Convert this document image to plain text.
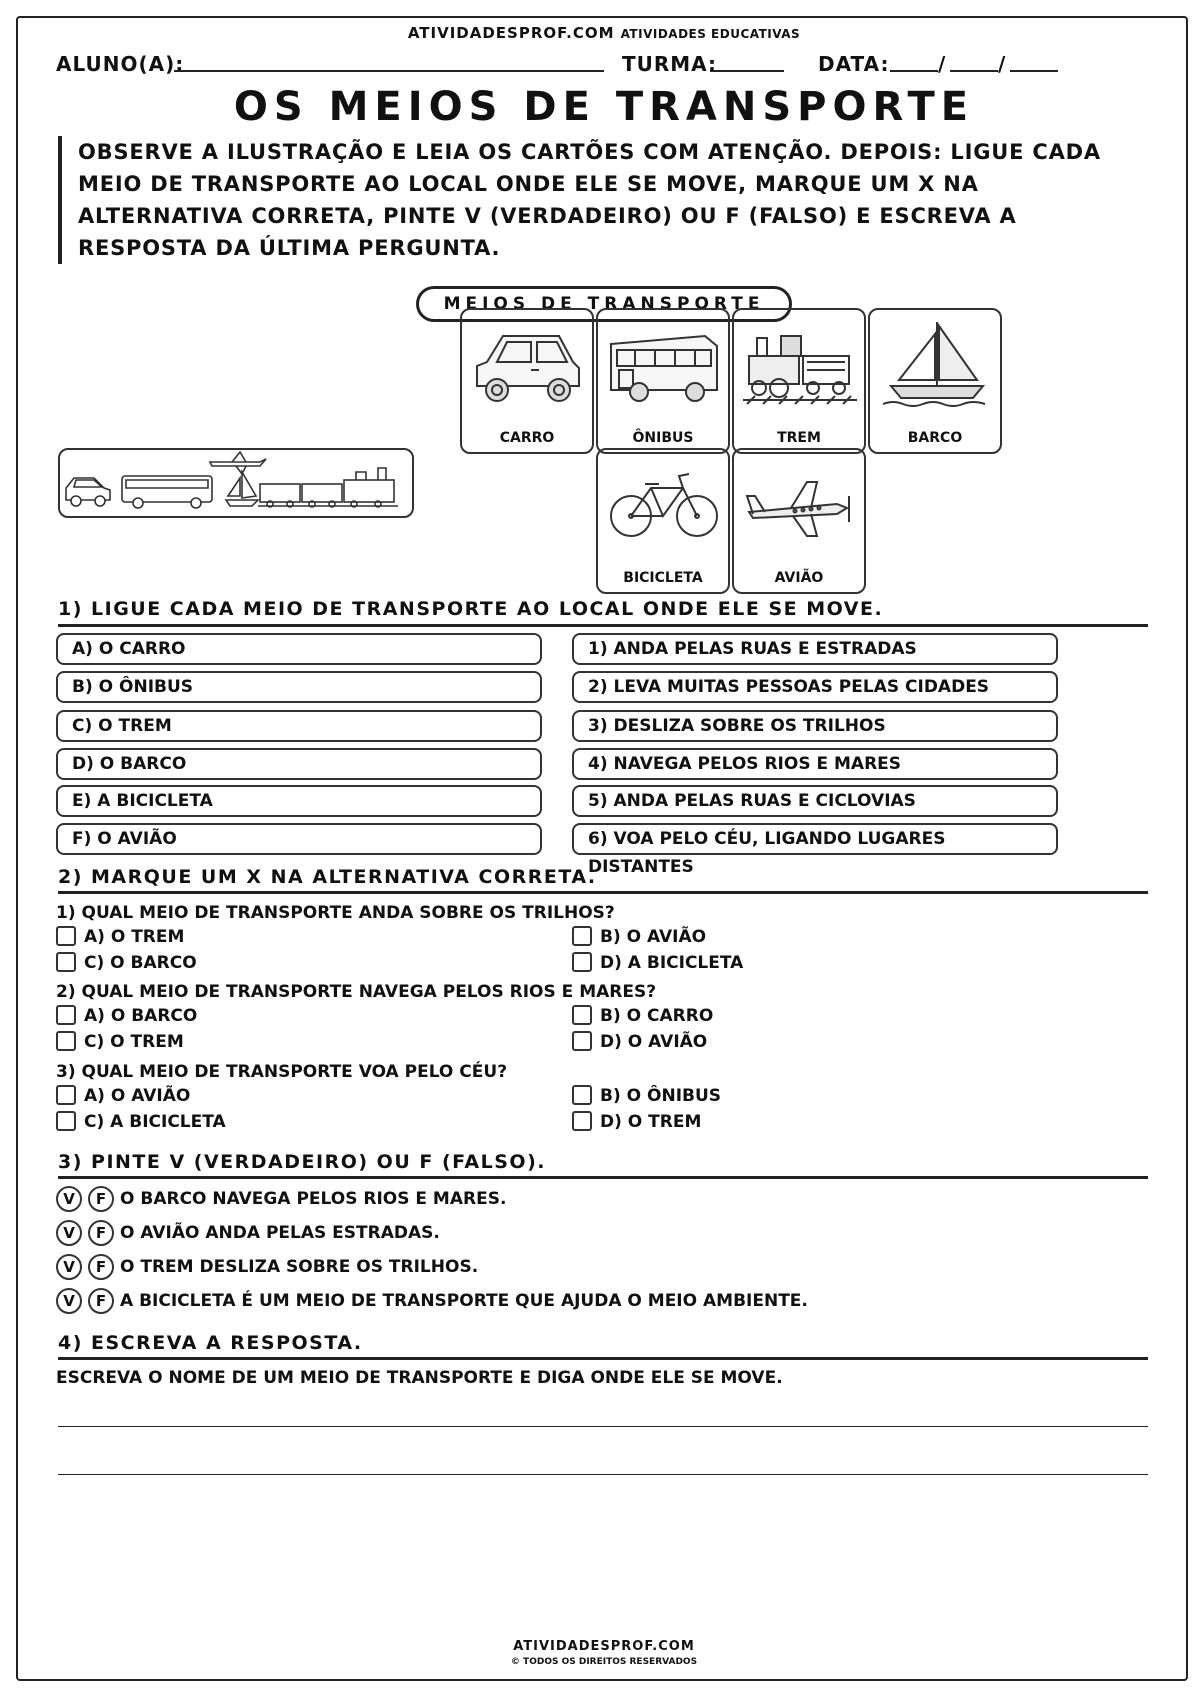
ATIVIDADESPROF.COM ATIVIDADES EDUCATIVAS
ALUNO(A):	TURMA:	DATA: /	/
OS MEIOS DE TRANSPORTE
OBSERVE A ILUSTRAÇÃO E LEIA OS CARTÕES COM ATENÇÃO. DEPOIS: LIGUE CADA MEIO DE TRANSPORTE AO LOCAL ONDE ELE SE MOVE, MARQUE UM X NA ALTERNATIVA CORRETA, PINTE V (VERDADEIRO) OU F (FALSO) E ESCREVA A RESPOSTA DA ÚLTIMA PERGUNTA.
MEIOS DE TRANSPORTE
CARRO	ÔNIBUS	TREM	BARCO
BICICLETA	AVIÃO
1) LIGUE CADA MEIO DE TRANSPORTE AO LOCAL ONDE ELE SE MOVE.
A) O CARRO
B) O ÔNIBUS
C) O TREM
D) O BARCO
E) A BICICLETA
F) O AVIÃO
1) ANDA PELAS RUAS E ESTRADAS
2) LEVA MUITAS PESSOAS PELAS CIDADES
3) DESLIZA SOBRE OS TRILHOS
4) NAVEGA PELOS RIOS E MARES
5) ANDA PELAS RUAS E CICLOVIAS
6) VOA PELO CÉU, LIGANDO LUGARES DISTANTES
2) MARQUE UM X NA ALTERNATIVA CORRETA.
1) QUAL MEIO DE TRANSPORTE ANDA SOBRE OS TRILHOS?
A) O TREM	B) O AVIÃO
C) O BARCO	D) A BICICLETA
2) QUAL MEIO DE TRANSPORTE NAVEGA PELOS RIOS E MARES?
A) O BARCO	B) O CARRO
C) O TREM	D) O AVIÃO
3) QUAL MEIO DE TRANSPORTE VOA PELO CÉU?
A) O AVIÃO	B) O ÔNIBUS
C) A BICICLETA	D) O TREM
3) PINTE V (VERDADEIRO) OU F (FALSO).
V F O BARCO NAVEGA PELOS RIOS E MARES.
V F O AVIÃO ANDA PELAS ESTRADAS.
V F O TREM DESLIZA SOBRE OS TRILHOS.
V F A BICICLETA É UM MEIO DE TRANSPORTE QUE AJUDA O MEIO AMBIENTE.
4) ESCREVA A RESPOSTA.
ESCREVA O NOME DE UM MEIO DE TRANSPORTE E DIGA ONDE ELE SE MOVE.
ATIVIDADESPROF.COM
© TODOS OS DIREITOS RESERVADOS
